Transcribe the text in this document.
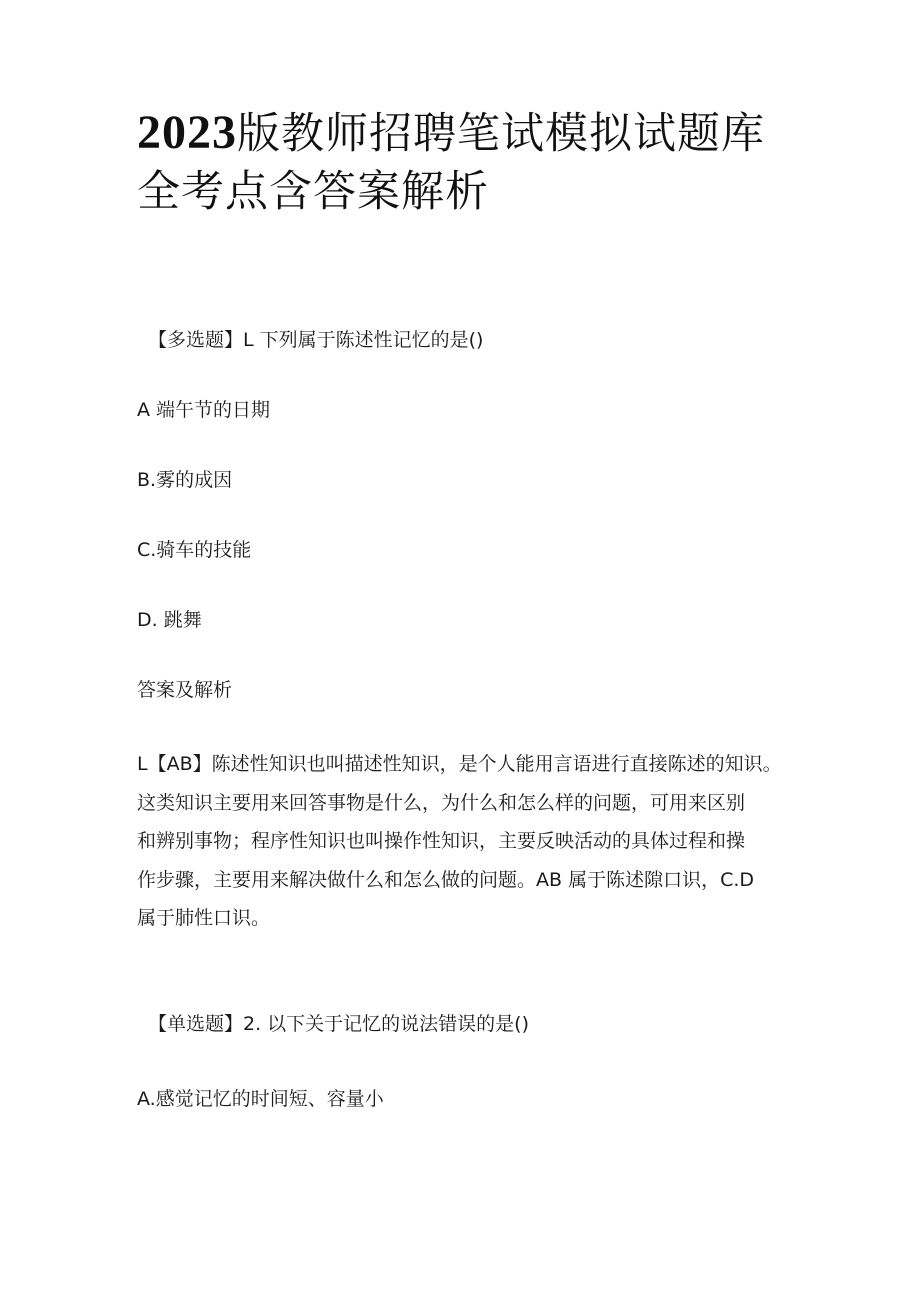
2023版教师招聘笔试模拟试题库全考点含答案解析

【多选题】L 下列属于陈述性记忆的是()

A 端午节的日期

B.雾的成因

C.骑车的技能

D. 跳舞

答案及解析

L【AB】陈述性知识也叫描述性知识，是个人能用言语进行直接陈述的知识。
这类知识主要用来回答事物是什么，为什么和怎么样的问题，可用来区别
和辨别事物；程序性知识也叫操作性知识，主要反映活动的具体过程和操
作步骤，主要用来解决做什么和怎么做的问题。AB 属于陈述隙口识，C.D
属于肺性口识。

【单选题】2. 以下关于记忆的说法错误的是()

A.感觉记忆的时间短、容量小
